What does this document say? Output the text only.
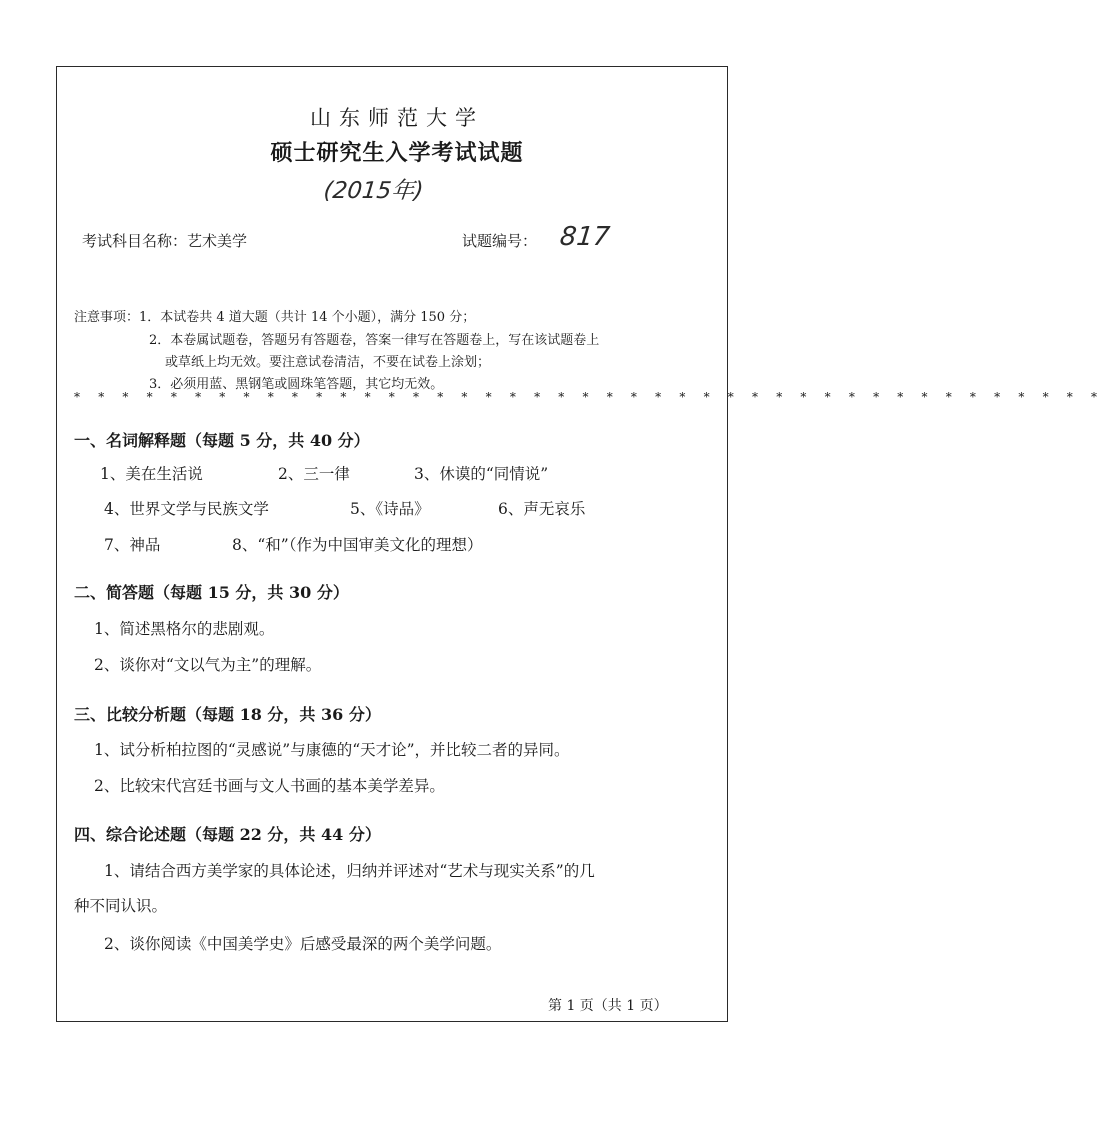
山东师范大学
硕士研究生入学考试试题
(2015年)
考试科目名称：艺术美学	试题编号： 817
注意事项： 1．本试卷共 4 道大题（共计 14 个小题），满分 150 分；
2．本卷属试题卷，答题另有答题卷，答案一律写在答题卷上，写在该试题卷上
或草纸上均无效。要注意试卷清洁，不要在试卷上涂划；
3．必须用蓝、黑钢笔或圆珠笔答题，其它均无效。
* * * * * * * * * * * * * * * * * * * * * * * * * * * * * * * * * * * * * * * * * * *
一、名词解释题（每题 5 分，共 40 分）
1、美在生活说	2、三一律	3、休谟的“同情说”
4、世界文学与民族文学	5、《诗品》	6、声无哀乐
7、神品	8、“和”（作为中国审美文化的理想）
二、简答题（每题 15 分，共 30 分）
1、简述黑格尔的悲剧观。
2、谈你对“文以气为主”的理解。
三、比较分析题（每题 18 分，共 36 分）
1、试分析柏拉图的“灵感说”与康德的“天才论”，并比较二者的异同。
2、比较宋代宫廷书画与文人书画的基本美学差异。
四、综合论述题（每题 22 分，共 44 分）
1、请结合西方美学家的具体论述，归纳并评述对“艺术与现实关系”的几
种不同认识。
2、谈你阅读《中国美学史》后感受最深的两个美学问题。
第 1 页（共 1 页）
